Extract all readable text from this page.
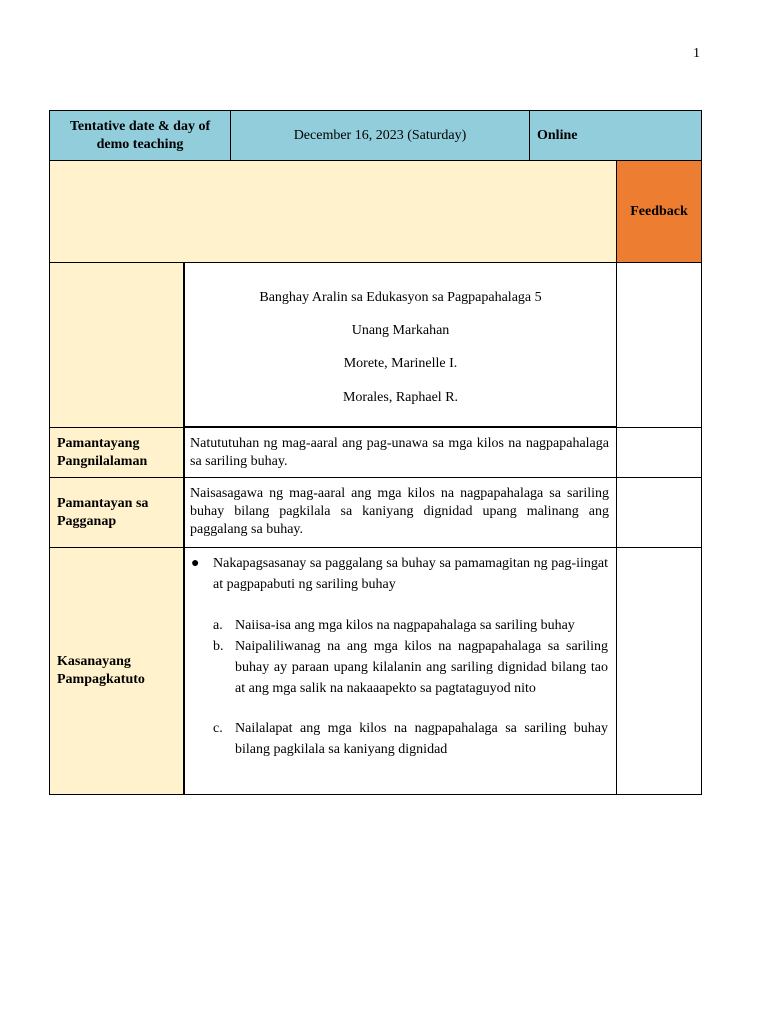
1
Tentative date & day of demo teaching
December 16, 2023 (Saturday)	Online
Feedback

Banghay Aralin sa Edukasyon sa Pagpapahalaga 5

Unang Markahan

Morete, Marinelle I.

Morales, Raphael R.

Pamantayang Pangnilalaman
Natututuhan ng mag-aaral ang pag-unawa sa mga kilos na nagpapahalaga sa sariling buhay.
Pamantayan sa Pagganap
Naisasagawa ng mag-aaral ang mga kilos na nagpapahalaga sa sariling buhay bilang pagkilala sa kaniyang dignidad upang malinang ang paggalang sa buhay.
Kasanayang Pampagkatuto
● Nakapagsasanay sa paggalang sa buhay sa pamamagitan ng pag-iingat at pagpapabuti ng sariling buhay
a. Naiisa-isa ang mga kilos na nagpapahalaga sa sariling buhay
b. Naipaliliwanag na ang mga kilos na nagpapahalaga sa sariling buhay ay paraan upang kilalanin ang sariling dignidad bilang tao at ang mga salik na nakaaapekto sa pagtataguyod nito
c. Nailalapat ang mga kilos na nagpapahalaga sa sariling buhay bilang pagkilala sa kaniyang dignidad
